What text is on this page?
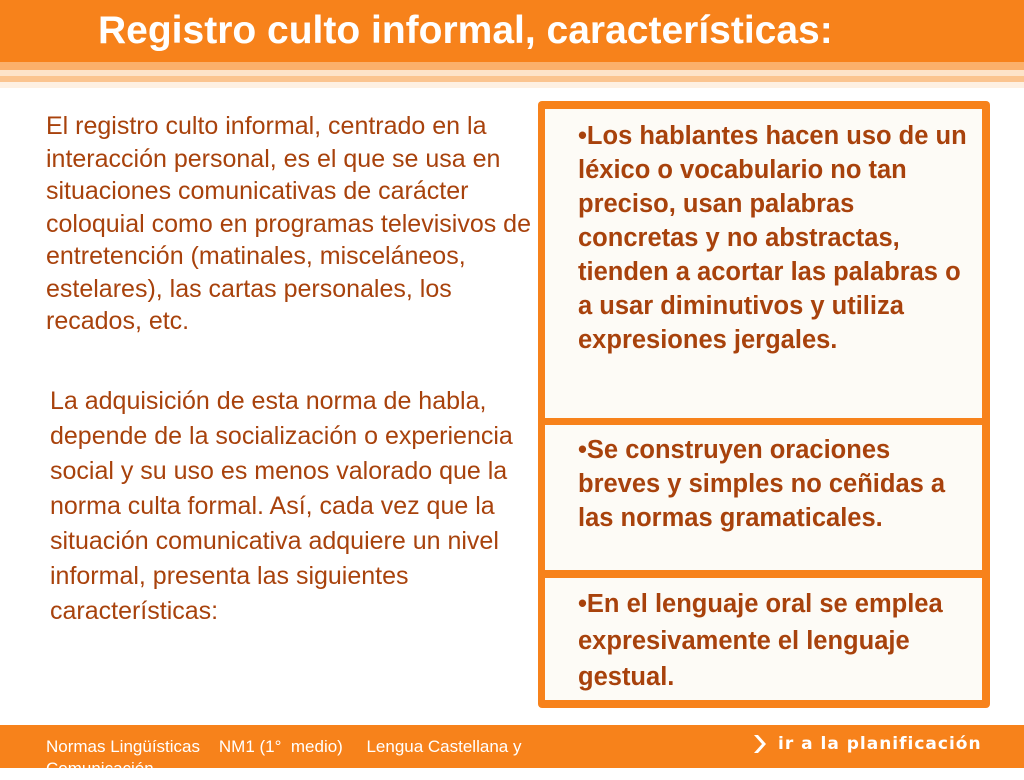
Registro culto informal, características:
El registro culto informal, centrado en la interacción personal, es el que se usa en situaciones comunicativas de carácter coloquial como en programas televisivos de entretención (matinales, misceláneos, estelares), las cartas personales, los recados, etc.
La adquisición de esta norma de habla, depende de la socialización o experiencia social y su uso es menos valorado que la norma culta formal. Así, cada vez que la situación comunicativa adquiere un nivel informal, presenta las siguientes características:
•Los hablantes hacen uso de un léxico o vocabulario no tan preciso, usan palabras concretas y no abstractas, tienden a acortar las palabras o a usar diminutivos y utiliza expresiones jergales.
•Se construyen oraciones breves y simples no ceñidas a las normas gramaticales.
•En el lenguaje oral se emplea expresivamente el lenguaje gestual.
Normas Lingüísticas    NM1 (1°  medio)     Lengua Castellana y
Comunicación
ir a la planificación
